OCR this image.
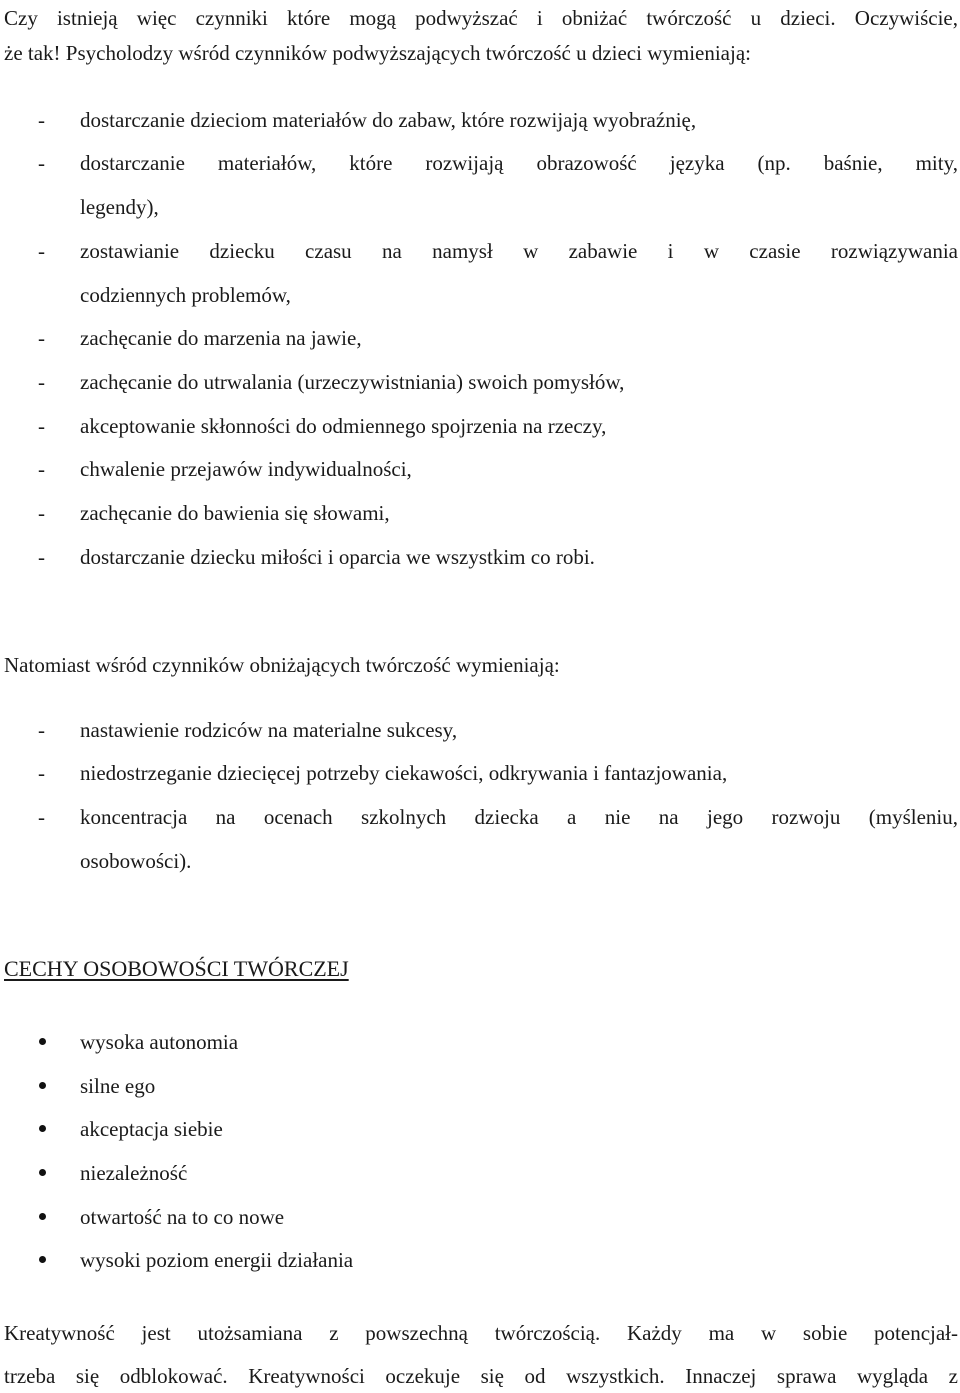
Czy istnieją więc czynniki które mogą podwyższać i obniżać twórczość u dzieci. Oczywiście,

że tak! Psycholodzy wśród czynników podwyższających twórczość u dzieci wymieniają:

- dostarczanie dzieciom materiałów do zabaw, które rozwijają wyobraźnię,

- dostarczanie materiałów, które rozwijają obrazowość języka (np. baśnie, mity,

legendy),

- zostawianie dziecku czasu na namysł w zabawie i w czasie rozwiązywania

codziennych problemów,

- zachęcanie do marzenia na jawie,

- zachęcanie do utrwalania (urzeczywistniania) swoich pomysłów,

- akceptowanie skłonności do odmiennego spojrzenia na rzeczy,

- chwalenie przejawów indywidualności,

- zachęcanie do bawienia się słowami,

- dostarczanie dziecku miłości i oparcia we wszystkim co robi.

Natomiast wśród czynników obniżających twórczość wymieniają:

- nastawienie rodziców na materialne sukcesy,

- niedostrzeganie dziecięcej potrzeby ciekawości, odkrywania i fantazjowania,

- koncentracja na ocenach szkolnych dziecka a nie na jego rozwoju (myśleniu,

osobowości).

CECHY OSOBOWOŚCI TWÓRCZEJ

wysoka autonomia

silne ego

akceptacja siebie

niezależność

otwartość na to co nowe

wysoki poziom energii działania

Kreatywność jest utożsamiana z powszechną twórczością. Każdy ma w sobie potencjał-

trzeba się odblokować. Kreatywności oczekuje się od wszystkich. Innaczej sprawa wygląda z
